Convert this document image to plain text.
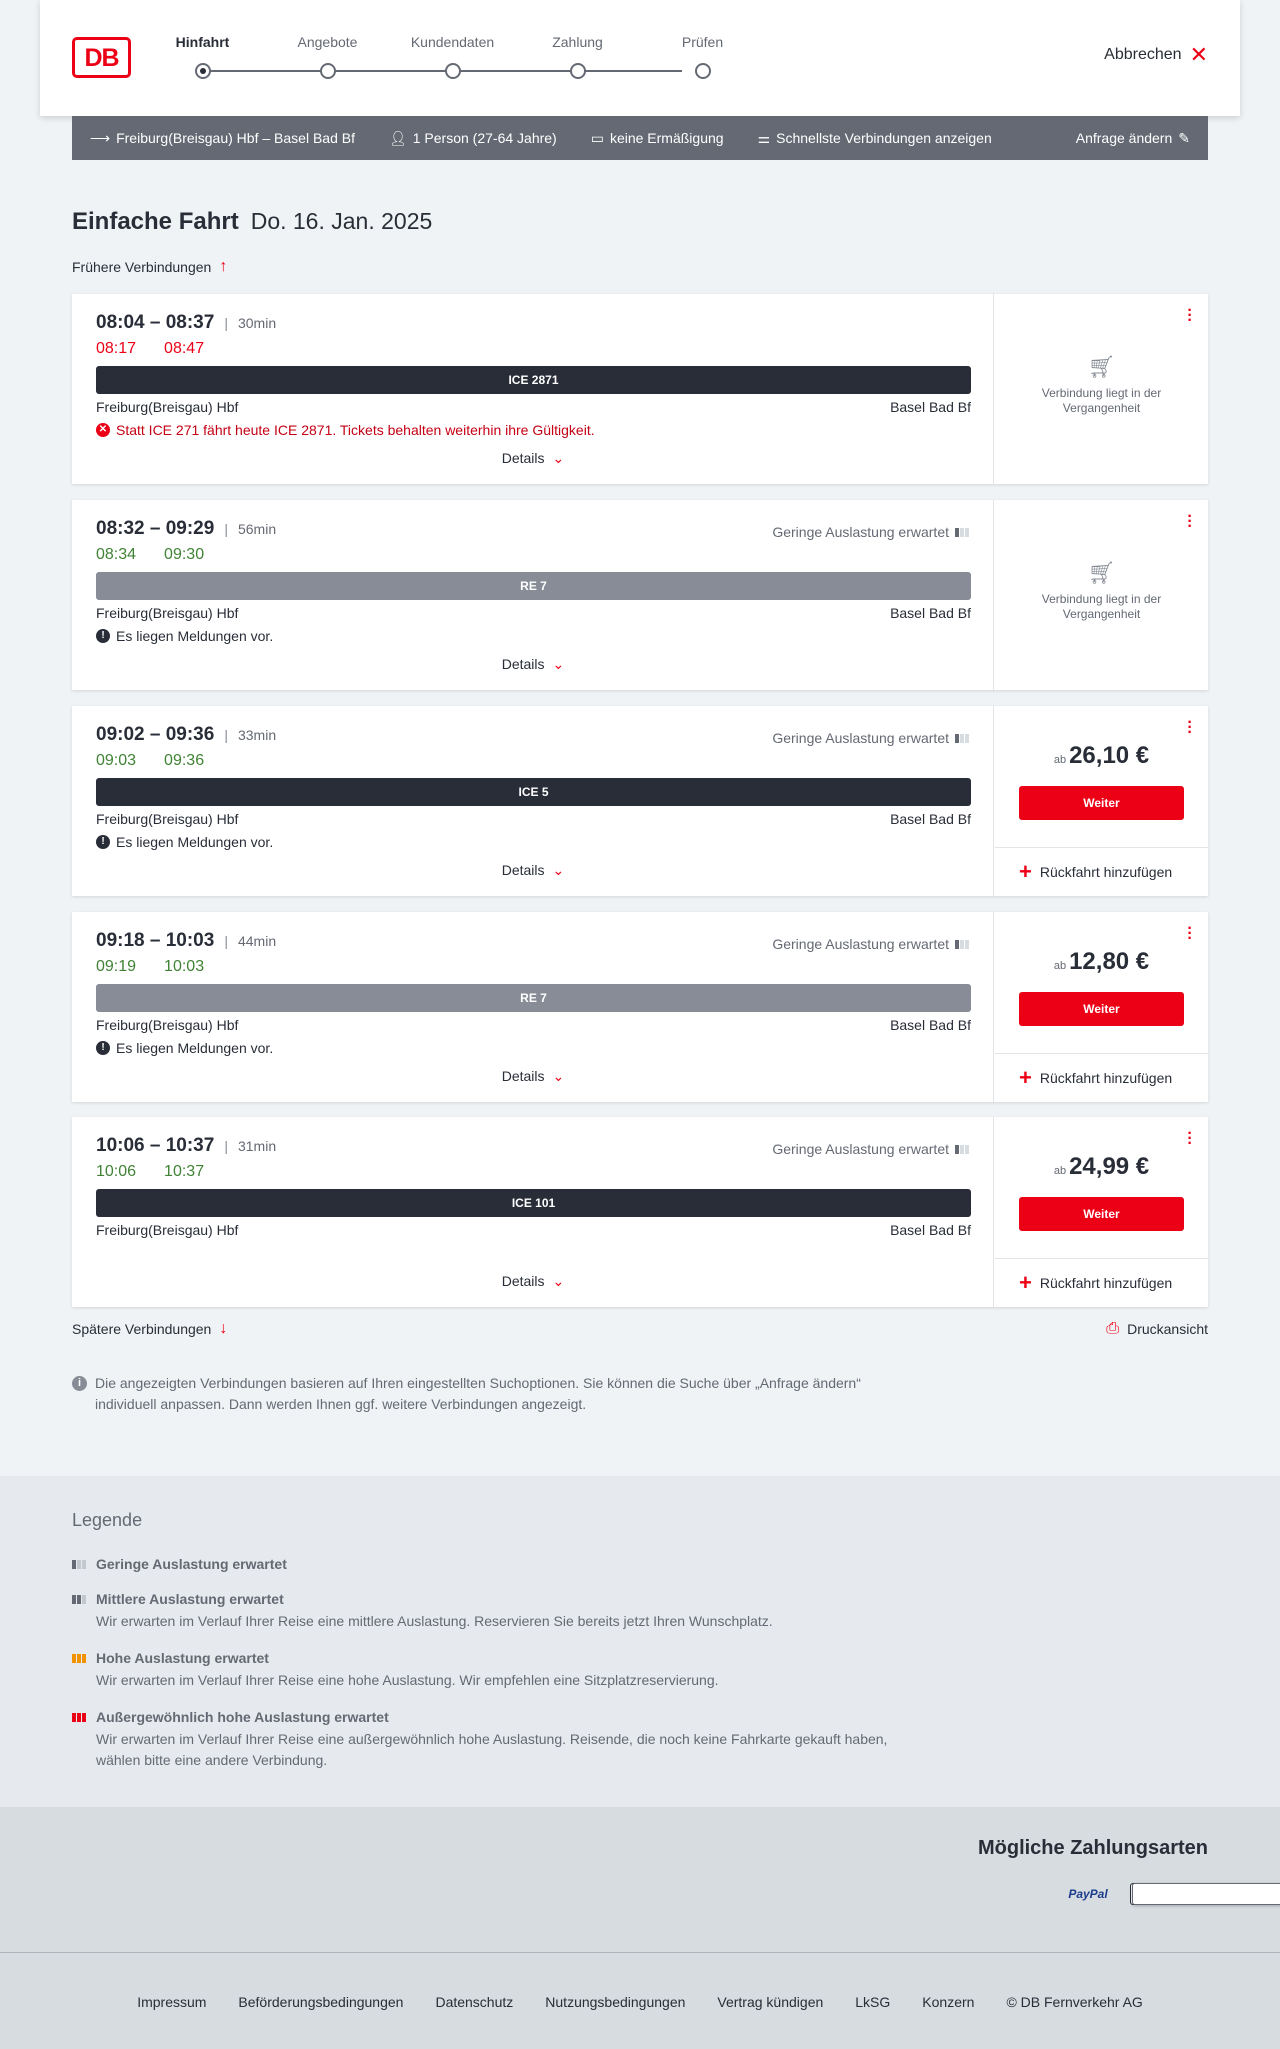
DB
Hinfahrt	Angebote	Kundendaten	Zahlung	Prüfen
Abbrechen ✕
⟶ Freiburg(Breisgau) Hbf – Basel Bad Bf 👤︎ 1 Person (27-64 Jahre) ▭ keine Ermäßigung ⚌ Schnellste Verbindungen anzeigen	Anfrage ändern ✎
Einfache Fahrt Do. 16. Jan. 2025
Frühere Verbindungen ↑
08:04 – 08:37 | 30min
08:17 08:47
ICE 2871
Freiburg(Breisgau) Hbf	Basel Bad Bf
✕ Statt ICE 271 fährt heute ICE 2871. Tickets behalten weiterhin ihre Gültigkeit.
Details ⌄
·
·
·
🛒︎
Verbindung liegt in der Vergangenheit
08:32 – 09:29 | 56min
08:34 09:30
Geringe Auslastung erwartet
RE 7
Freiburg(Breisgau) Hbf	Basel Bad Bf
! Es liegen Meldungen vor.
Details ⌄
·
·
·
🛒︎
Verbindung liegt in der Vergangenheit
09:02 – 09:36 | 33min
09:03 09:36
Geringe Auslastung erwartet
ICE 5
Freiburg(Breisgau) Hbf	Basel Bad Bf
! Es liegen Meldungen vor.
Details ⌄
·
·
·
ab 26,10 €
Weiter
+ Rückfahrt hinzufügen
09:18 – 10:03 | 44min
09:19 10:03
Geringe Auslastung erwartet
RE 7
Freiburg(Breisgau) Hbf	Basel Bad Bf
! Es liegen Meldungen vor.
Details ⌄
·
·
·
ab 12,80 €
Weiter
+ Rückfahrt hinzufügen
10:06 – 10:37 | 31min
10:06 10:37
Geringe Auslastung erwartet
ICE 101
Freiburg(Breisgau) Hbf	Basel Bad Bf
Details ⌄
·
·
·
ab 24,99 €
Weiter
+ Rückfahrt hinzufügen
Spätere Verbindungen ↓	⎙ Druckansicht
i Die angezeigten Verbindungen basieren auf Ihren eingestellten Suchoptionen. Sie können die Suche über „Anfrage ändern“ individuell anpassen. Dann werden Ihnen ggf. weitere Verbindungen angezeigt.
Legende
Geringe Auslastung erwartet
Mittlere Auslastung erwartet
Wir erwarten im Verlauf Ihrer Reise eine mittlere Auslastung. Reservieren Sie bereits jetzt Ihren Wunschplatz.
Hohe Auslastung erwartet
Wir erwarten im Verlauf Ihrer Reise eine hohe Auslastung. Wir empfehlen eine Sitzplatzreservierung.
Außergewöhnlich hohe Auslastung erwartet
Wir erwarten im Verlauf Ihrer Reise eine außergewöhnlich hohe Auslastung. Reisende, die noch keine Fahrkarte gekauft haben, wählen bitte eine andere Verbindung.
Mögliche Zahlungsarten
PayPal
Impressum Beförderungsbedingungen Datenschutz Nutzungsbedingungen Vertrag kündigen LkSG Konzern © DB Fernverkehr AG
